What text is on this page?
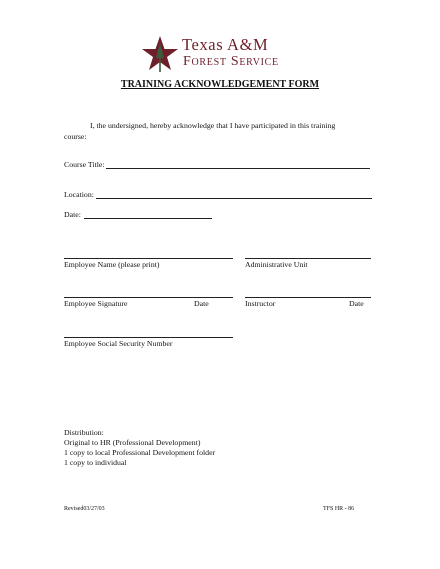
Texas A&M
Forest Service
TRAINING ACKNOWLEDGEMENT FORM
I, the undersigned, hereby acknowledge that I have participated in this training
course:
Course Title:
Location:
Date:
Employee Name (please print)	Administrative Unit
Employee Signature	Date	Instructor	Date
Employee Social Security Number
Distribution:
Original to HR (Professional Development)
1 copy to local Professional Development folder
1 copy to individual
Revised03/27/03	TFS HR - 86
